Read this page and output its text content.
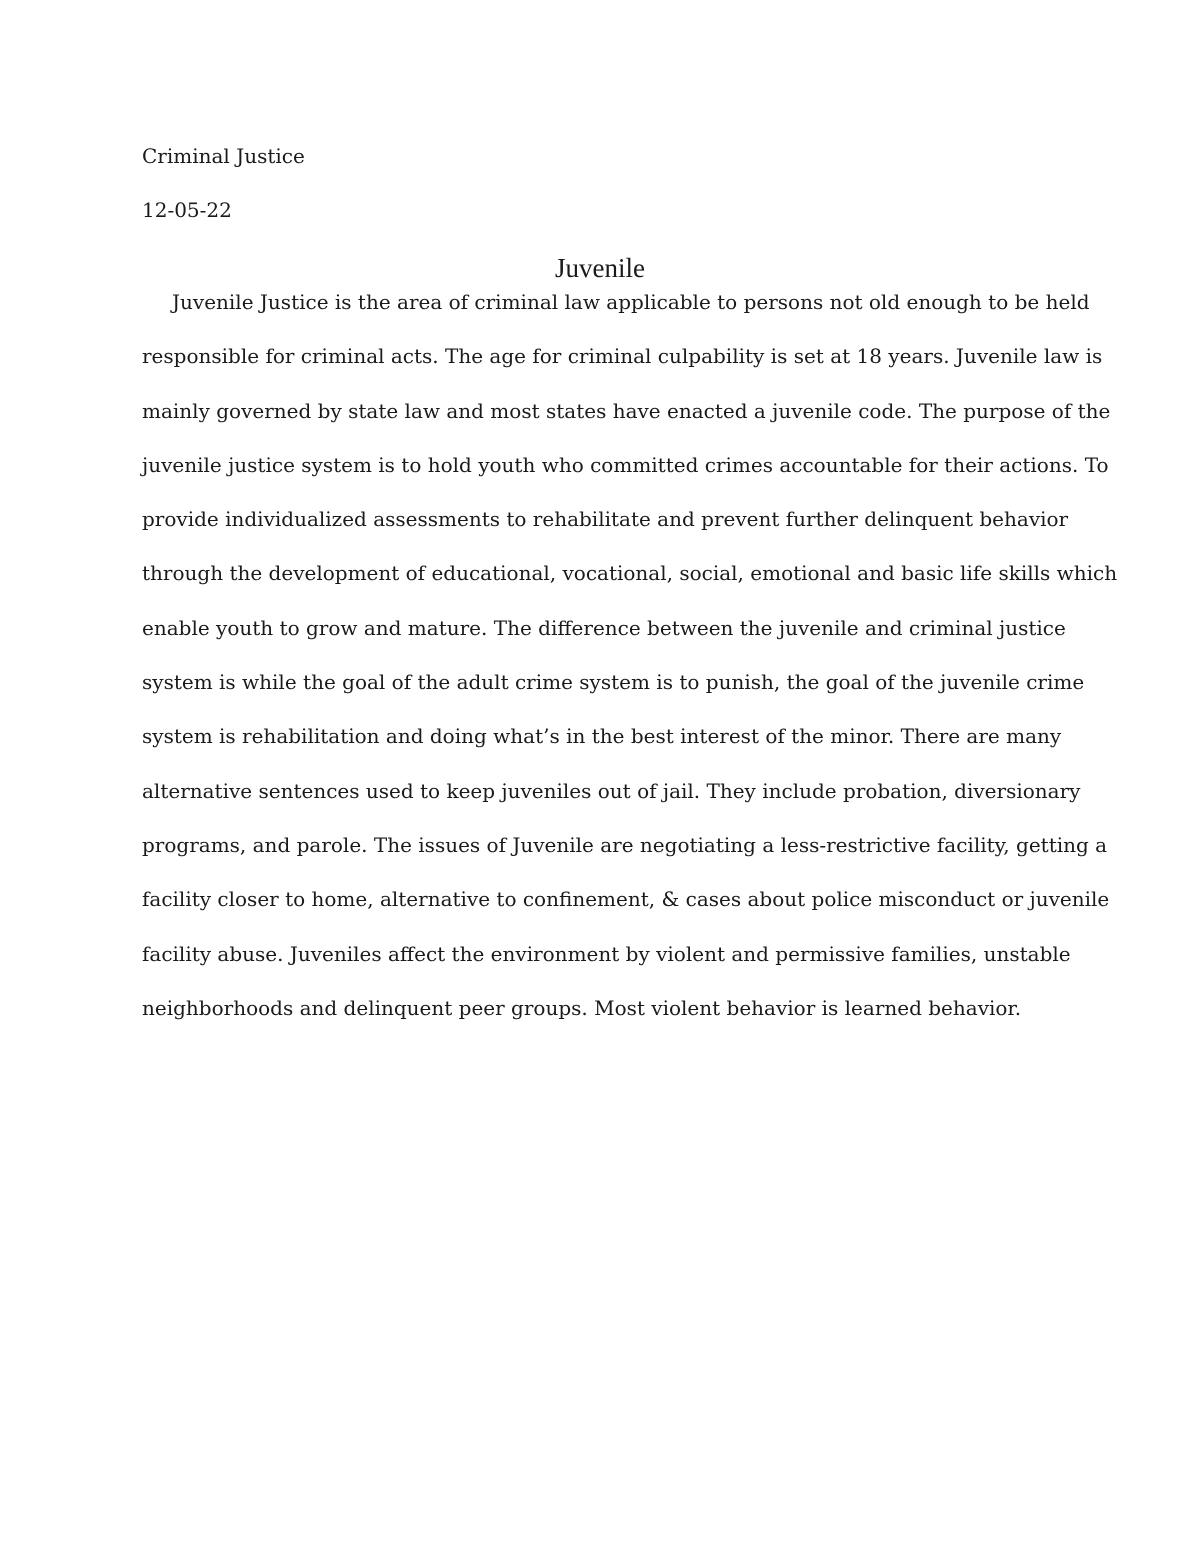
Criminal Justice
12-05-22
Juvenile
Juvenile Justice is the area of criminal law applicable to persons not old enough to be held
responsible for criminal acts. The age for criminal culpability is set at 18 years. Juvenile law is
mainly governed by state law and most states have enacted a juvenile code. The purpose of the
juvenile justice system is to hold youth who committed crimes accountable for their actions. To
provide individualized assessments to rehabilitate and prevent further delinquent behavior
through the development of educational, vocational, social, emotional and basic life skills which
enable youth to grow and mature. The difference between the juvenile and criminal justice
system is while the goal of the adult crime system is to punish, the goal of the juvenile crime
system is rehabilitation and doing what’s in the best interest of the minor. There are many
alternative sentences used to keep juveniles out of jail. They include probation, diversionary
programs, and parole. The issues of Juvenile are negotiating a less-restrictive facility, getting a
facility closer to home, alternative to confinement, & cases about police misconduct or juvenile
facility abuse. Juveniles affect the environment by violent and permissive families, unstable
neighborhoods and delinquent peer groups. Most violent behavior is learned behavior.
